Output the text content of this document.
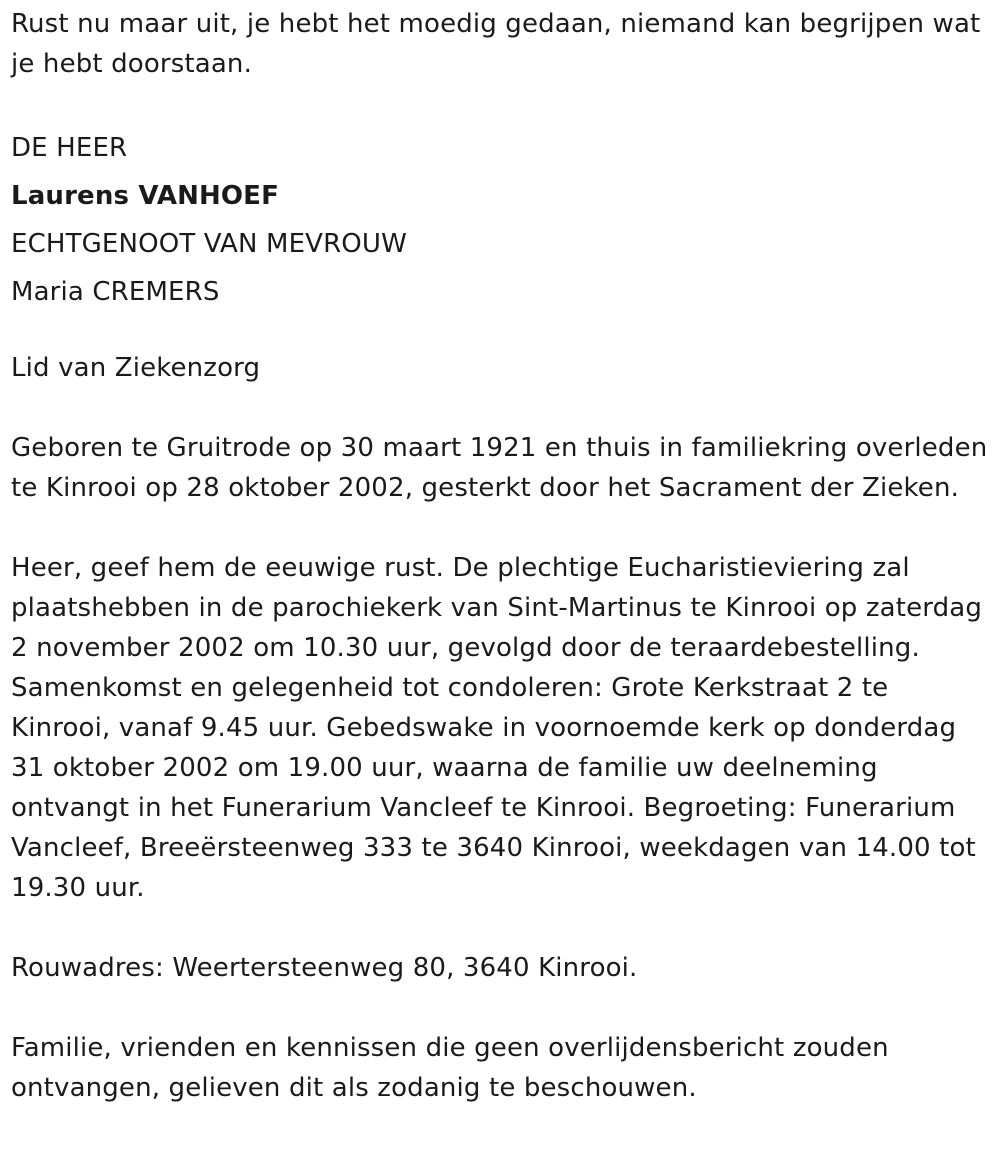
Rust nu maar uit, je hebt het moedig gedaan, niemand kan begrijpen wat je hebt doorstaan.

DE HEER
Laurens VANHOEF
ECHTGENOOT VAN MEVROUW
Maria CREMERS

Lid van Ziekenzorg

Geboren te Gruitrode op 30 maart 1921 en thuis in familiekring overleden te Kinrooi op 28 oktober 2002, gesterkt door het Sacrament der Zieken.

Heer, geef hem de eeuwige rust. De plechtige Eucharistieviering zal plaatshebben in de parochiekerk van Sint-Martinus te Kinrooi op zaterdag 2 november 2002 om 10.30 uur, gevolgd door de teraardebestelling. Samenkomst en gelegenheid tot condoleren: Grote Kerkstraat 2 te Kinrooi, vanaf 9.45 uur. Gebedswake in voornoemde kerk op donderdag 31 oktober 2002 om 19.00 uur, waarna de familie uw deelneming ontvangt in het Funerarium Vancleef te Kinrooi. Begroeting: Funerarium Vancleef, Breeërsteenweg 333 te 3640 Kinrooi, weekdagen van 14.00 tot 19.30 uur.

Rouwadres: Weertersteenweg 80, 3640 Kinrooi.

Familie, vrienden en kennissen die geen overlijdensbericht zouden ontvangen, gelieven dit als zodanig te beschouwen.
